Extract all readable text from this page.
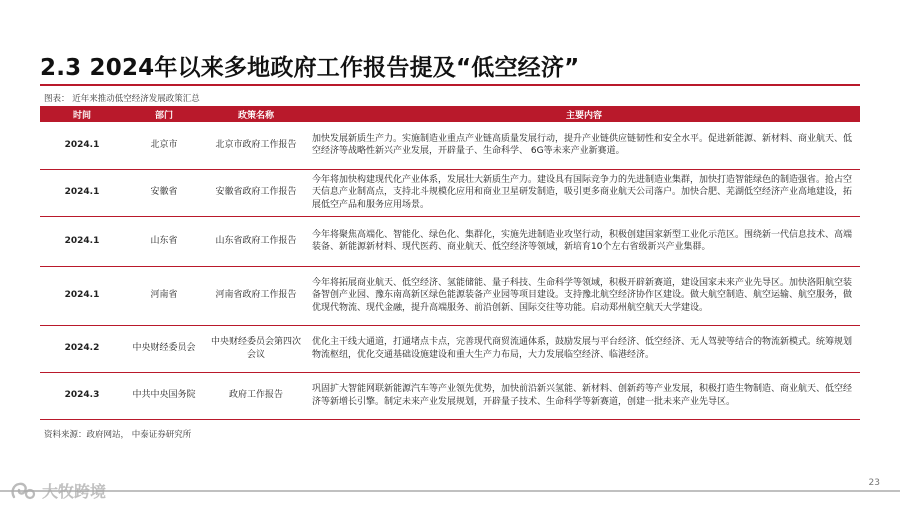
2.3 2024年以来多地政府工作报告提及“低空经济”
图表： 近年来推动低空经济发展政策汇总
时间	部门	政策名称	主要内容
2024.1	北京市	北京市政府工作报告	加快发展新质生产力。实施制造业重点产业链高质量发展行动，提升产业链供应链韧性和安全水平。促进新能源、新材料、商业航天、低空经济等战略性新兴产业发展，开辟量子、生命科学、 6G等未来产业新赛道。
2024.1	安徽省	安徽省政府工作报告	今年将加快构建现代化产业体系，发展壮大新质生产力。建设具有国际竞争力的先进制造业集群，加快打造智能绿色的制造强省。抢占空天信息产业制高点，支持北斗规模化应用和商业卫星研发制造，吸引更多商业航天公司落户。加快合肥、芜湖低空经济产业高地建设，拓展低空产品和服务应用场景。
2024.1	山东省	山东省政府工作报告	今年将聚焦高端化、智能化、绿色化、集群化，实施先进制造业攻坚行动，积极创建国家新型工业化示范区。围绕新一代信息技术、高端装备、新能源新材料、现代医药、商业航天、低空经济等领域，新培育10个左右省级新兴产业集群。
2024.1	河南省	河南省政府工作报告	今年将拓展商业航天、低空经济、氢能储能、量子科技、生命科学等领域，积极开辟新赛道，建设国家未来产业先导区。加快洛阳航空装备智创产业园、豫东南高新区绿色能源装备产业园等项目建设。支持豫北航空经济协作区建设。做大航空制造、航空运输、航空服务，做优现代物流、现代金融，提升高端服务、前沿创新、国际交往等功能。启动郑州航空航天大学建设。
2024.2	中央财经委员会	中央财经委员会第四次会议	优化主干线大通道，打通堵点卡点，完善现代商贸流通体系，鼓励发展与平台经济、低空经济、无人驾驶等结合的物流新模式。统筹规划物流枢纽，优化交通基础设施建设和重大生产力布局，大力发展临空经济、临港经济。
2024.3	中共中央国务院	政府工作报告	巩固扩大智能网联新能源汽车等产业领先优势，加快前沿新兴氢能、新材料、创新药等产业发展，积极打造生物制造、商业航天、低空经济等新增长引擎。制定未来产业发展规划，开辟量子技术、生命科学等新赛道，创建一批未来产业先导区。
资料来源：政府网站， 中泰证券研究所
大牧跨境	23
